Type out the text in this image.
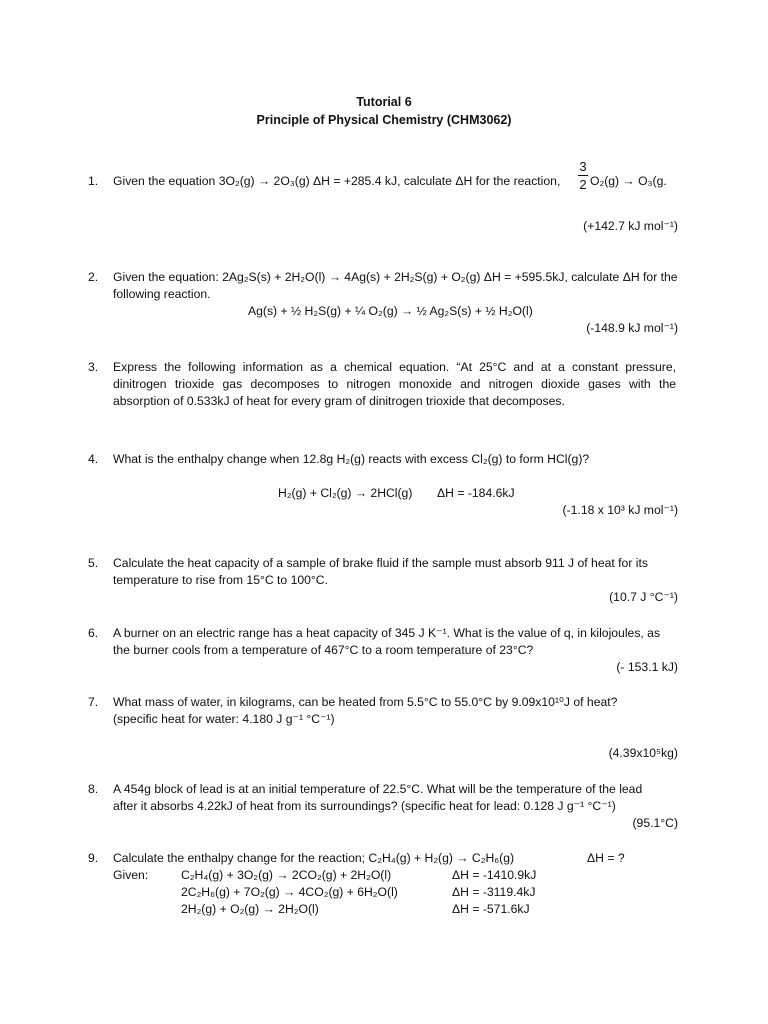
Tutorial 6
Principle of Physical Chemistry (CHM3062)
1. Given the equation 3O₂(g) → 2O₃(g) ΔH = +285.4 kJ, calculate ΔH for the reaction,
3
2 O₂(g) → O₃(g.
(+142.7 kJ mol⁻¹)
2. Given the equation: 2Ag₂S(s) + 2H₂O(l) → 4Ag(s) + 2H₂S(g) + O₂(g) ΔH = +595.5kJ, calculate ΔH for the
following reaction.
Ag(s) + ½ H₂S(g) + ¼ O₂(g) → ½ Ag₂S(s) + ½ H₂O(l)
(-148.9 kJ mol⁻¹)
3. Express the following information as a chemical equation. “At 25°C and at a constant pressure,
dinitrogen trioxide gas decomposes to nitrogen monoxide and nitrogen dioxide gases with the
absorption of 0.533kJ of heat for every gram of dinitrogen trioxide that decomposes.
4. What is the enthalpy change when 12.8g H₂(g) reacts with excess Cl₂(g) to form HCl(g)?
H₂(g) + Cl₂(g) → 2HCl(g) ΔH = -184.6kJ
(-1.18 x 10³ kJ mol⁻¹)
5. Calculate the heat capacity of a sample of brake fluid if the sample must absorb 911 J of heat for its
temperature to rise from 15°C to 100°C.
(10.7 J °C⁻¹)
6. A burner on an electric range has a heat capacity of 345 J K⁻¹. What is the value of q, in kilojoules, as
the burner cools from a temperature of 467°C to a room temperature of 23°C?
(- 153.1 kJ)
7. What mass of water, in kilograms, can be heated from 5.5°C to 55.0°C by 9.09x10¹⁰J of heat?
(specific heat for water: 4.180 J g⁻¹ °C⁻¹)
(4.39x10⁵kg)
8. A 454g block of lead is at an initial temperature of 22.5°C. What will be the temperature of the lead
after it absorbs 4.22kJ of heat from its surroundings? (specific heat for lead: 0.128 J g⁻¹ °C⁻¹)
(95.1°C)
9. Calculate the enthalpy change for the reaction; C₂H₄(g) + H₂(g) → C₂H₆(g)	ΔH = ?
Given:	C₂H₄(g) + 3O₂(g) → 2CO₂(g) + 2H₂O(l)	ΔH = -1410.9kJ
2C₂H₆(g) + 7O₂(g) → 4CO₂(g) + 6H₂O(l)	ΔH = -3119.4kJ
2H₂(g) + O₂(g) → 2H₂O(l)	ΔH = -571.6kJ
